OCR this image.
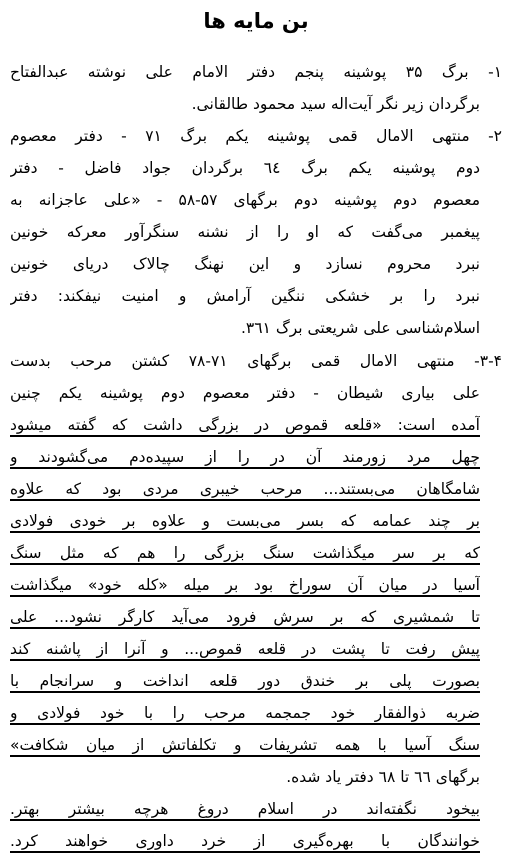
بن مایه ها
۱- برگ ۳۵ پوشینه پنجم دفتر الامام علی نوشته عبدالفتاح
برگردان زیر نگر آیت‌اله سید محمود طالقانی.
۲- منتهی الامال قمی پوشینه یکم برگ ۷۱ - دفتر معصوم
دوم پوشینه یکم برگ ٦٤ برگردان جواد فاضل - دفتر
معصوم دوم پوشینه دوم برگهای ۵۷-۵۸ - «علی عاجزانه به
پیغمبر می‌گفت که او را از نشنه سنگرآور معرکه خونین
نبرد محروم نسازد و این نهنگ چالاک دریای خونین
نبرد را بر خشکی ننگین آرامش و امنیت نیفکند: دفتر
اسلام‌شناسی علی شریعتی برگ ۳٦۱.
۳-۴- منتهی الامال قمی برگهای ۷۱-۷۸ کشتن مرحب بدست
علی بیاری شیطان - دفتر معصوم دوم پوشینه یکم چنین
آمده است: «قلعه قموص در بزرگی داشت که گفته میشود
چهل مرد زورمند آن در را از سپیده‌دم می‌گشودند و
شامگاهان می‌بستند... مرحب خیبری مردی بود که علاوه
بر چند عمامه که بسر می‌بست و علاوه بر خودی فولادی
که بر سر میگذاشت سنگ بزرگی را هم که مثل سنگ
آسیا در میان آن سوراخ بود بر میله «کله خود» میگذاشت
تا شمشیری که بر سرش فرود می‌آید کارگر نشود... علی
پیش رفت تا پشت در قلعه قموص... و آنرا از پاشنه کند
بصورت پلی بر خندق دور قلعه انداخت و سرانجام با
ضربه ذوالفقار خود جمجمه مرحب را با خود فولادی و
سنگ آسیا با همه تشریفات و تکلفاتش از میان شکافت»
برگهای ٦٦ تا ٦٨ دفتر یاد شده.
بیخود نگفته‌اند در اسلام دروغ هرچه بیشتر بهتر.
خوانندگان با بهره‌گیری از خرد داوری خواهند کرد.
